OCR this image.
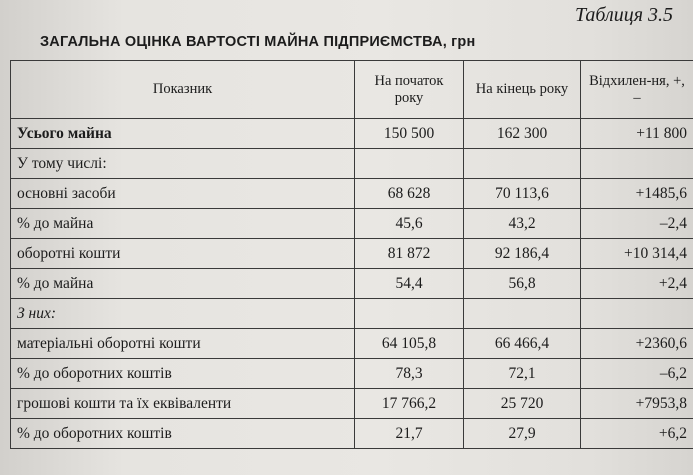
Таблиця 3.5
ЗАГАЛЬНА ОЦІНКА ВАРТОСТІ МАЙНА ПІДПРИЄМСТВА, грн
Показник	На початок року	На кінець року	Відхилен-ня, +, –
Усього майна	150 500	162 300	+11 800
У тому числі:			
основні засоби	68 628	70 113,6	+1485,6
% до майна	45,6	43,2	–2,4
оборотні кошти	81 872	92 186,4	+10 314,4
% до майна	54,4	56,8	+2,4
З них:			
матеріальні оборотні кошти	64 105,8	66 466,4	+2360,6
% до оборотних коштів	78,3	72,1	–6,2
грошові кошти та їх еквіваленти	17 766,2	25 720	+7953,8
% до оборотних коштів	21,7	27,9	+6,2
